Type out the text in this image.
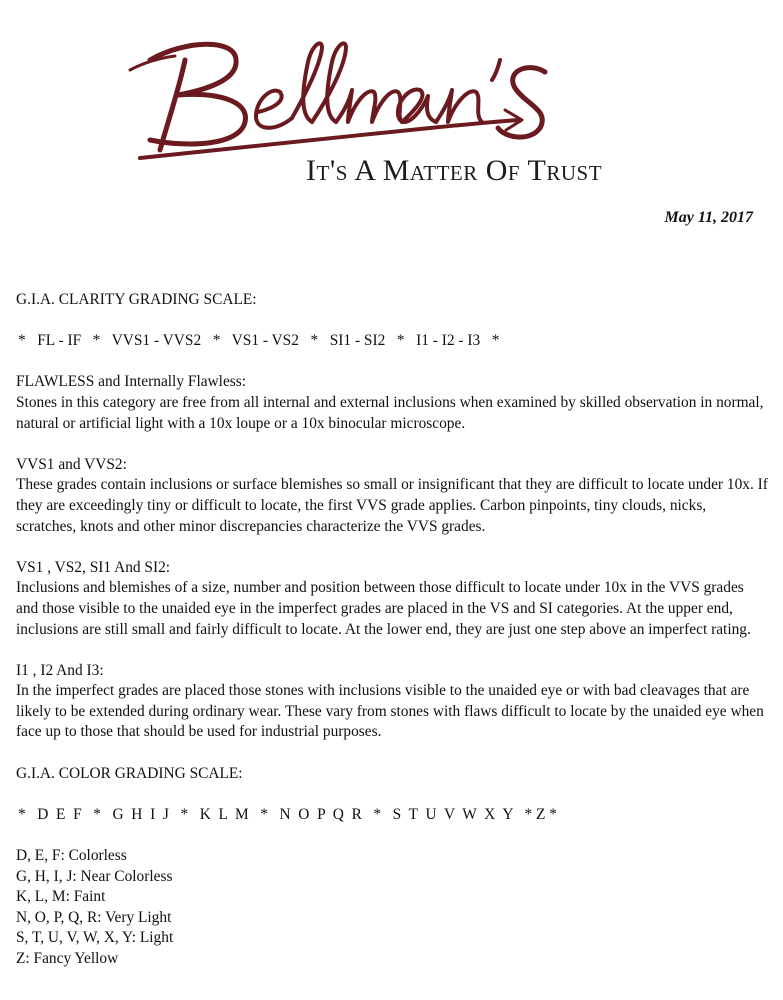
It's A Matter Of Trust
May 11, 2017

G.I.A. CLARITY GRADING SCALE:

*   FL - IF   *   VVS1 - VVS2   *   VS1 - VS2   *   SI1 - SI2   *   I1 - I2 - I3   *

FLAWLESS and Internally Flawless:

Stones in this category are free from all internal and external inclusions when examined by skilled observation in normal, natural or artificial light with a 10x loupe or a 10x binocular microscope.

VVS1 and VVS2:

These grades contain inclusions or surface blemishes so small or insignificant that they are difficult to locate under 10x. If they are exceedingly tiny or difficult to locate, the first VVS grade applies. Carbon pinpoints, tiny clouds, nicks, scratches, knots and other minor discrepancies characterize the VVS grades.

VS1 , VS2, SI1 And SI2:

Inclusions and blemishes of a size, number and position between those difficult to locate under 10x in the VVS grades and those visible to the unaided eye in the imperfect grades are placed in the VS and SI categories. At the upper end, inclusions are still small and fairly difficult to locate. At the lower end, they are just one step above an imperfect rating.

I1 , I2 And I3:

In the imperfect grades are placed those stones with inclusions visible to the unaided eye or with bad cleavages that are likely to be extended during ordinary wear. These vary from stones with flaws difficult to locate by the unaided eye when face up to those that should be used for industrial purposes.

G.I.A. COLOR GRADING SCALE:

*   D  E  F   *   G  H  I  J   *   K  L  M   *   N  O  P  Q  R   *   S  T  U  V  W  X  Y   * Z *

D, E, F: Colorless

G, H, I, J: Near Colorless

K, L, M: Faint

N, O, P, Q, R: Very Light

S, T, U, V, W, X, Y: Light

Z: Fancy Yellow
